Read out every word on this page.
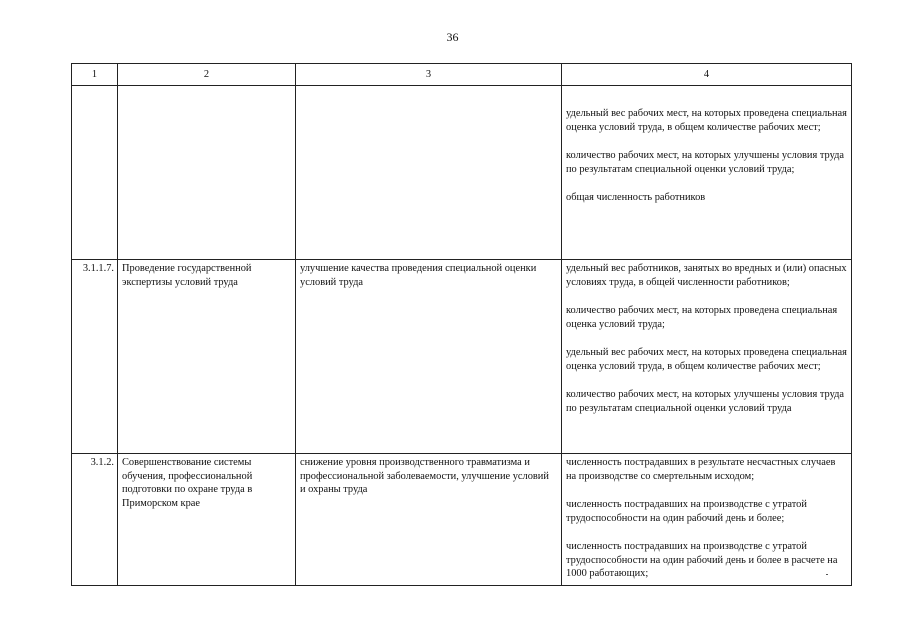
36
1	2	3	4

			удельный вес рабочих мест, на которых проведена специальная оценка условий труда, в общем количестве рабочих мест;

количество рабочих мест, на которых улучшены условия труда по результатам специальной оценки условий труда;

общая численность работников

3.1.1.7.	Проведение государственной экспертизы условий труда	улучшение качества проведения специальной оценки условий труда	удельный вес работников, занятых во вредных и (или) опасных условиях труда, в общей численности работников;

количество рабочих мест, на которых проведена специальная оценка условий труда;

удельный вес рабочих мест, на которых проведена специальная оценка условий труда, в общем количестве рабочих мест;

количество рабочих мест, на которых улучшены условия труда по результатам специальной оценки условий труда

3.1.2.	Совершенствование системы обучения, профессиональной подготовки по охране труда в Приморском крае	снижение уровня производственного травматизма и профессиональной заболеваемости, улучшение условий и охраны труда	численность пострадавших в результате несчастных случаев на производстве со смертельным исходом;

численность пострадавших на производстве с утратой трудоспособности на один рабочий день и более;

численность пострадавших на производстве с утратой трудоспособности на один рабочий день и более в расчете на 1000 работающих;
